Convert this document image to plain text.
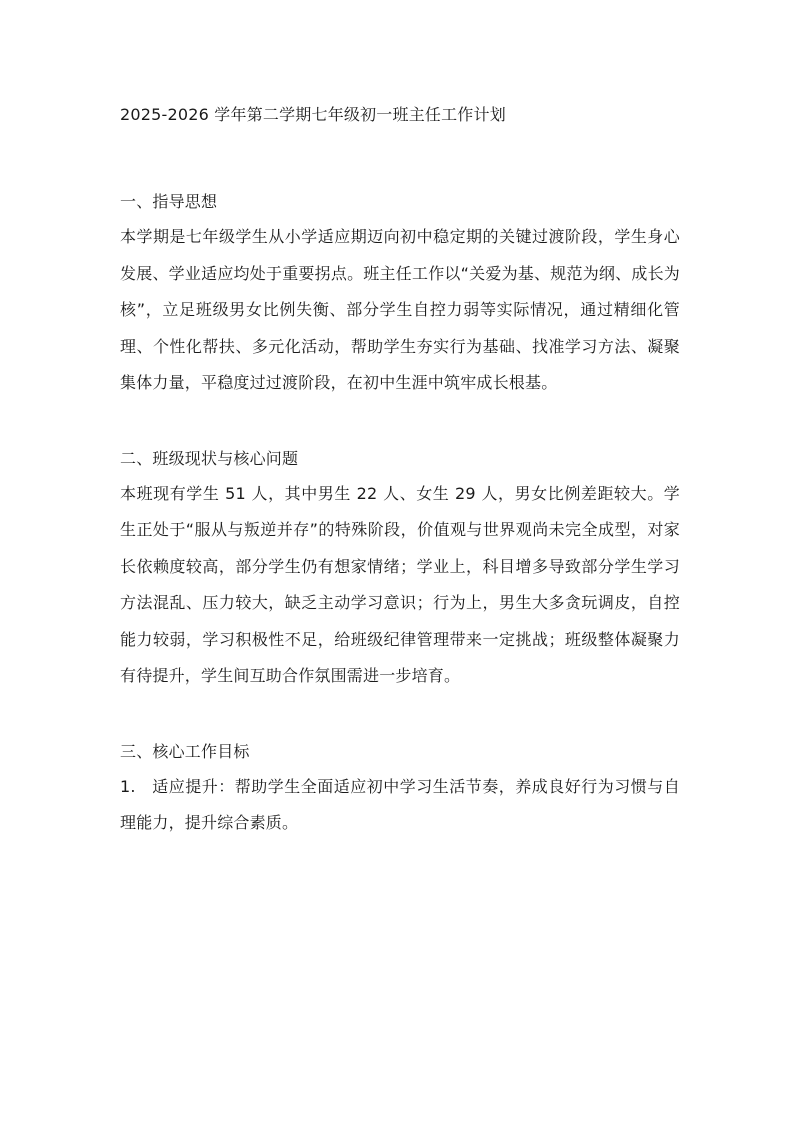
2025-2026 学年第二学期七年级初一班主任工作计划
一、指导思想

本学期是七年级学生从小学适应期迈向初中稳定期的关键过渡阶段，学生身心发展、学业适应均处于重要拐点。班主任工作以“关爱为基、规范为纲、成长为核”，立足班级男女比例失衡、部分学生自控力弱等实际情况，通过精细化管理、个性化帮扶、多元化活动，帮助学生夯实行为基础、找准学习方法、凝聚集体力量，平稳度过过渡阶段，在初中生涯中筑牢成长根基。

二、班级现状与核心问题

本班现有学生 51 人，其中男生 22 人、女生 29 人，男女比例差距较大。学生正处于“服从与叛逆并存”的特殊阶段，价值观与世界观尚未完全成型，对家长依赖度较高，部分学生仍有想家情绪；学业上，科目增多导致部分学生学习方法混乱、压力较大，缺乏主动学习意识；行为上，男生大多贪玩调皮，自控能力较弱，学习积极性不足，给班级纪律管理带来一定挑战；班级整体凝聚力有待提升，学生间互助合作氛围需进一步培育。

三、核心工作目标

1. 适应提升：帮助学生全面适应初中学习生活节奏，养成良好行为习惯与自理能力，提升综合素质。
